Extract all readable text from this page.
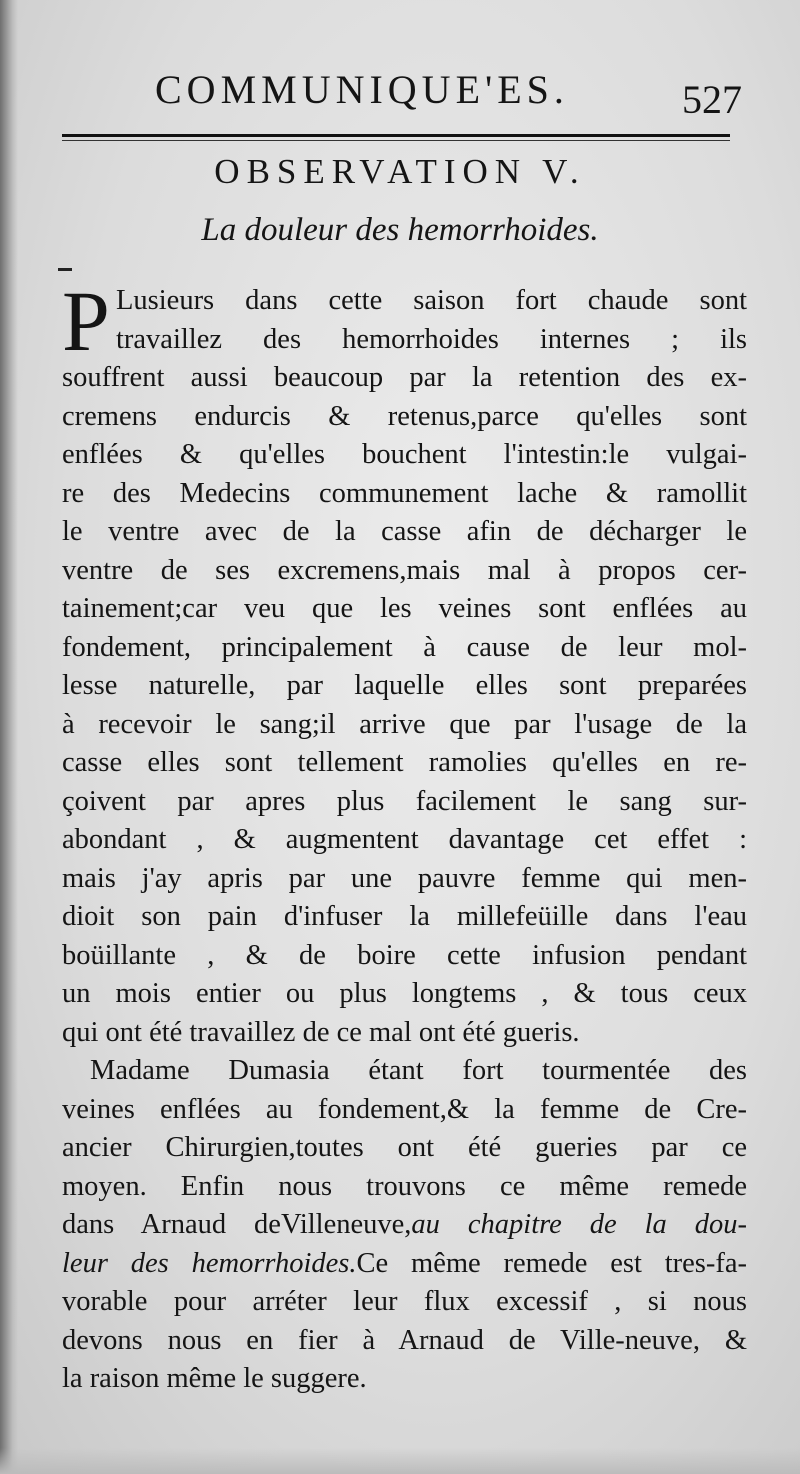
COMMUNIQUE'ES.	527
OBSERVATION V.
La douleur des hemorrhoides.
P Lusieurs dans cette saison fort chaude sont
travaillez des hemorrhoides internes ; ils
souffrent aussi beaucoup par la retention des ex-
cremens endurcis & retenus,parce qu'elles sont
enflées & qu'elles bouchent l'intestin:le vulgai-
re des Medecins communement lache & ramollit
le ventre avec de la casse afin de décharger le
ventre de ses excremens,mais mal à propos cer-
tainement;car veu que les veines sont enflées au
fondement, principalement à cause de leur mol-
lesse naturelle, par laquelle elles sont preparées
à recevoir le sang;il arrive que par l'usage de la
casse elles sont tellement ramolies qu'elles en re-
çoivent par apres plus facilement le sang sur-
abondant , & augmentent davantage cet effet :
mais j'ay apris par une pauvre femme qui men-
dioit son pain d'infuser la millefeüille dans l'eau
boüillante , & de boire cette infusion pendant
un mois entier ou plus longtems , & tous ceux
qui ont été travaillez de ce mal ont été gueris.
Madame Dumasia étant fort tourmentée des
veines enflées au fondement,& la femme de Cre-
ancier Chirurgien,toutes ont été gueries par ce
moyen. Enfin nous trouvons ce même remede
dans Arnaud deVilleneuve,au chapitre de la dou-
leur des hemorrhoides.Ce même remede est tres-fa-
vorable pour arréter leur flux excessif , si nous
devons nous en fier à Arnaud de Ville-neuve, &
la raison même le suggere.
